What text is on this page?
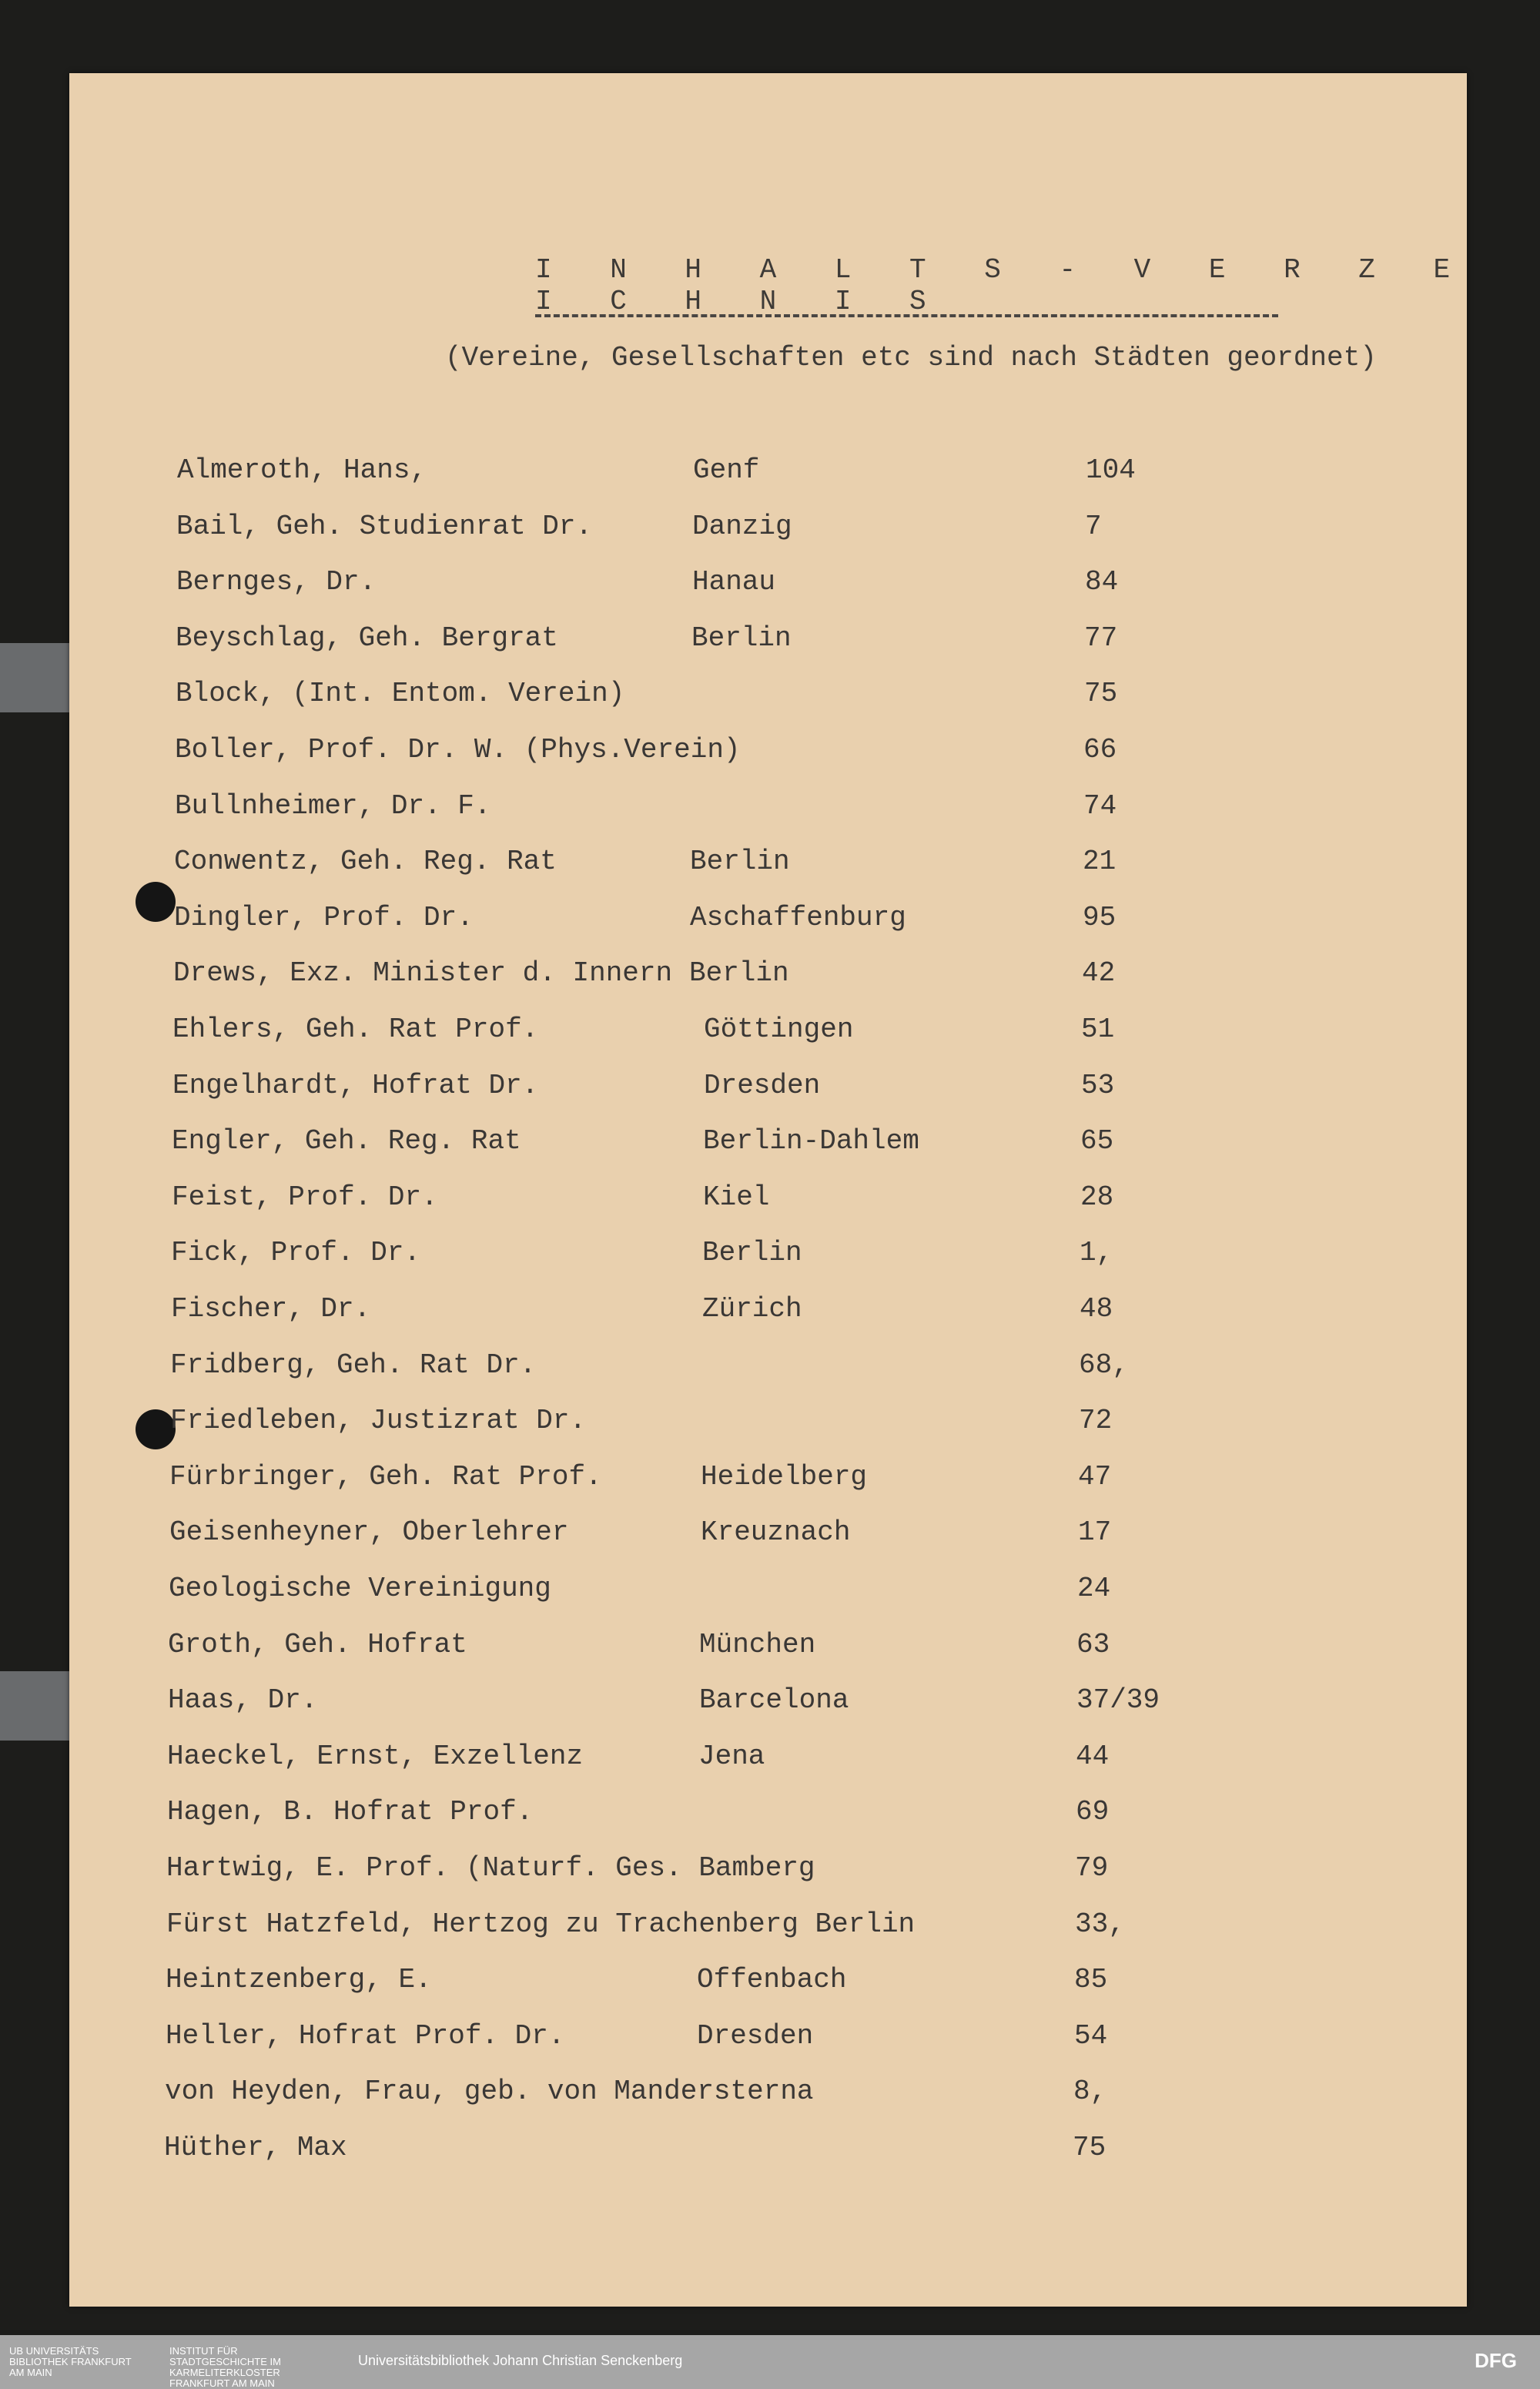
I N H A L T S - V E R Z E I C H N I S
(Vereine, Gesellschaften etc sind nach Städten geordnet)
Almeroth, Hans,	Genf	104
Bail, Geh. Studienrat Dr.	Danzig	7
Bernges, Dr.	Hanau	84
Beyschlag, Geh. Bergrat	Berlin	77
Block, (Int. Entom. Verein)	75
Boller, Prof. Dr. W. (Phys.Verein)	66
Bullnheimer, Dr. F.	74
Conwentz, Geh. Reg. Rat	Berlin	21
Dingler, Prof. Dr.	Aschaffenburg	95
Drews, Exz. Minister d. Innern Berlin	42
Ehlers, Geh. Rat Prof.	Göttingen	51
Engelhardt, Hofrat Dr.	Dresden	53
Engler, Geh. Reg. Rat	Berlin-Dahlem	65
Feist, Prof. Dr.	Kiel	28
Fick, Prof. Dr.	Berlin	1,
Fischer, Dr.	Zürich	48
Fridberg, Geh. Rat Dr.	68,
Friedleben, Justizrat Dr.	72
Fürbringer, Geh. Rat Prof.	Heidelberg	47
Geisenheyner, Oberlehrer	Kreuznach	17
Geologische Vereinigung	24
Groth, Geh. Hofrat	München	63
Haas, Dr.	Barcelona	37/39
Haeckel, Ernst, Exzellenz	Jena	44
Hagen, B. Hofrat Prof.	69
Hartwig, E. Prof. (Naturf. Ges. Bamberg	79
Fürst Hatzfeld, Hertzog zu Trachenberg Berlin	33,
Heintzenberg, E.	Offenbach	85
Heller, Hofrat Prof. Dr.	Dresden	54
von Heyden, Frau, geb. von Mandersterna	8,
Hüther, Max	75
UB UNIVERSITÄTS BIBLIOTHEK FRANKFURT AM MAIN
INSTITUT FÜR STADTGESCHICHTE IM KARMELITERKLOSTER FRANKFURT AM MAIN
Universitätsbibliothek Johann Christian Senckenberg	DFG
